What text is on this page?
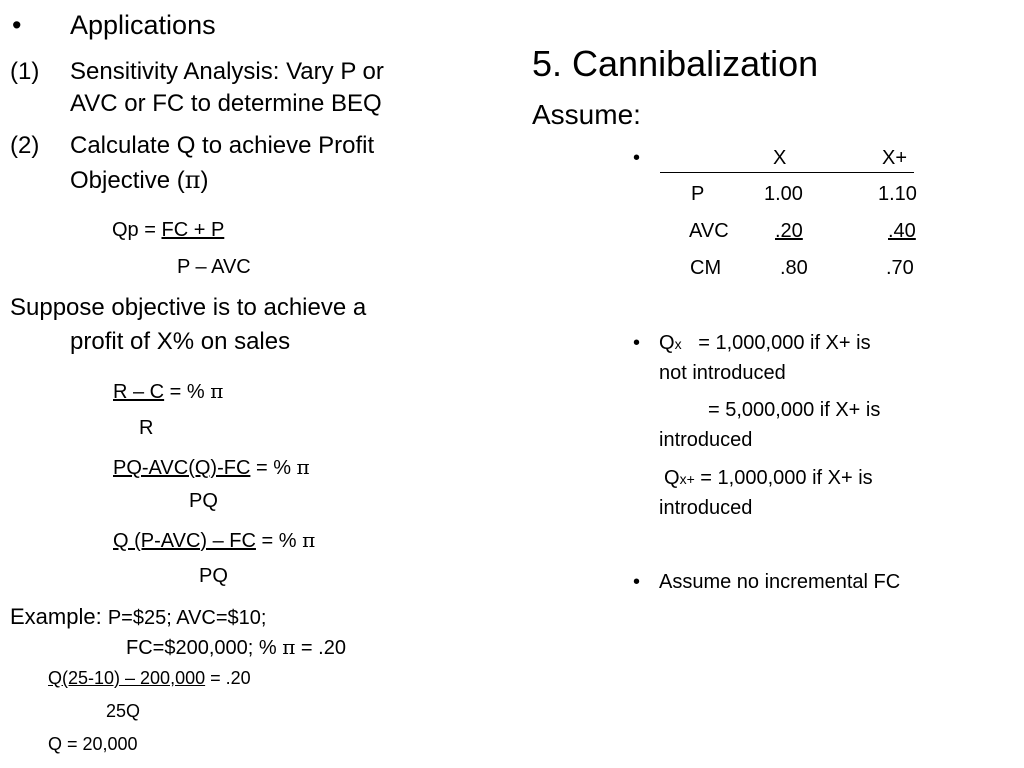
• Applications
(1) Sensitivity Analysis: Vary P or
AVC or FC to determine BEQ
(2) Calculate Q to achieve Profit
Objective (π)
Qp = FC + P
P – AVC
Suppose objective is to achieve a
profit of X% on sales
R – C = % π
R
PQ-AVC(Q)-FC = % π
PQ
Q (P-AVC) – FC = % π
PQ
Example: P=$25; AVC=$10;
FC=$200,000; % π = .20
Q(25-10) – 200,000 = .20
25Q
Q = 20,000
5. Cannibalization
Assume:
•	X	X+
P	1.00	1.10
AVC .20	.40
CM	.80	.70
• Qx   = 1,000,000 if X+ is
not introduced
= 5,000,000 if X+ is
introduced
Qx+ = 1,000,000 if X+ is
introduced
• Assume no incremental FC
